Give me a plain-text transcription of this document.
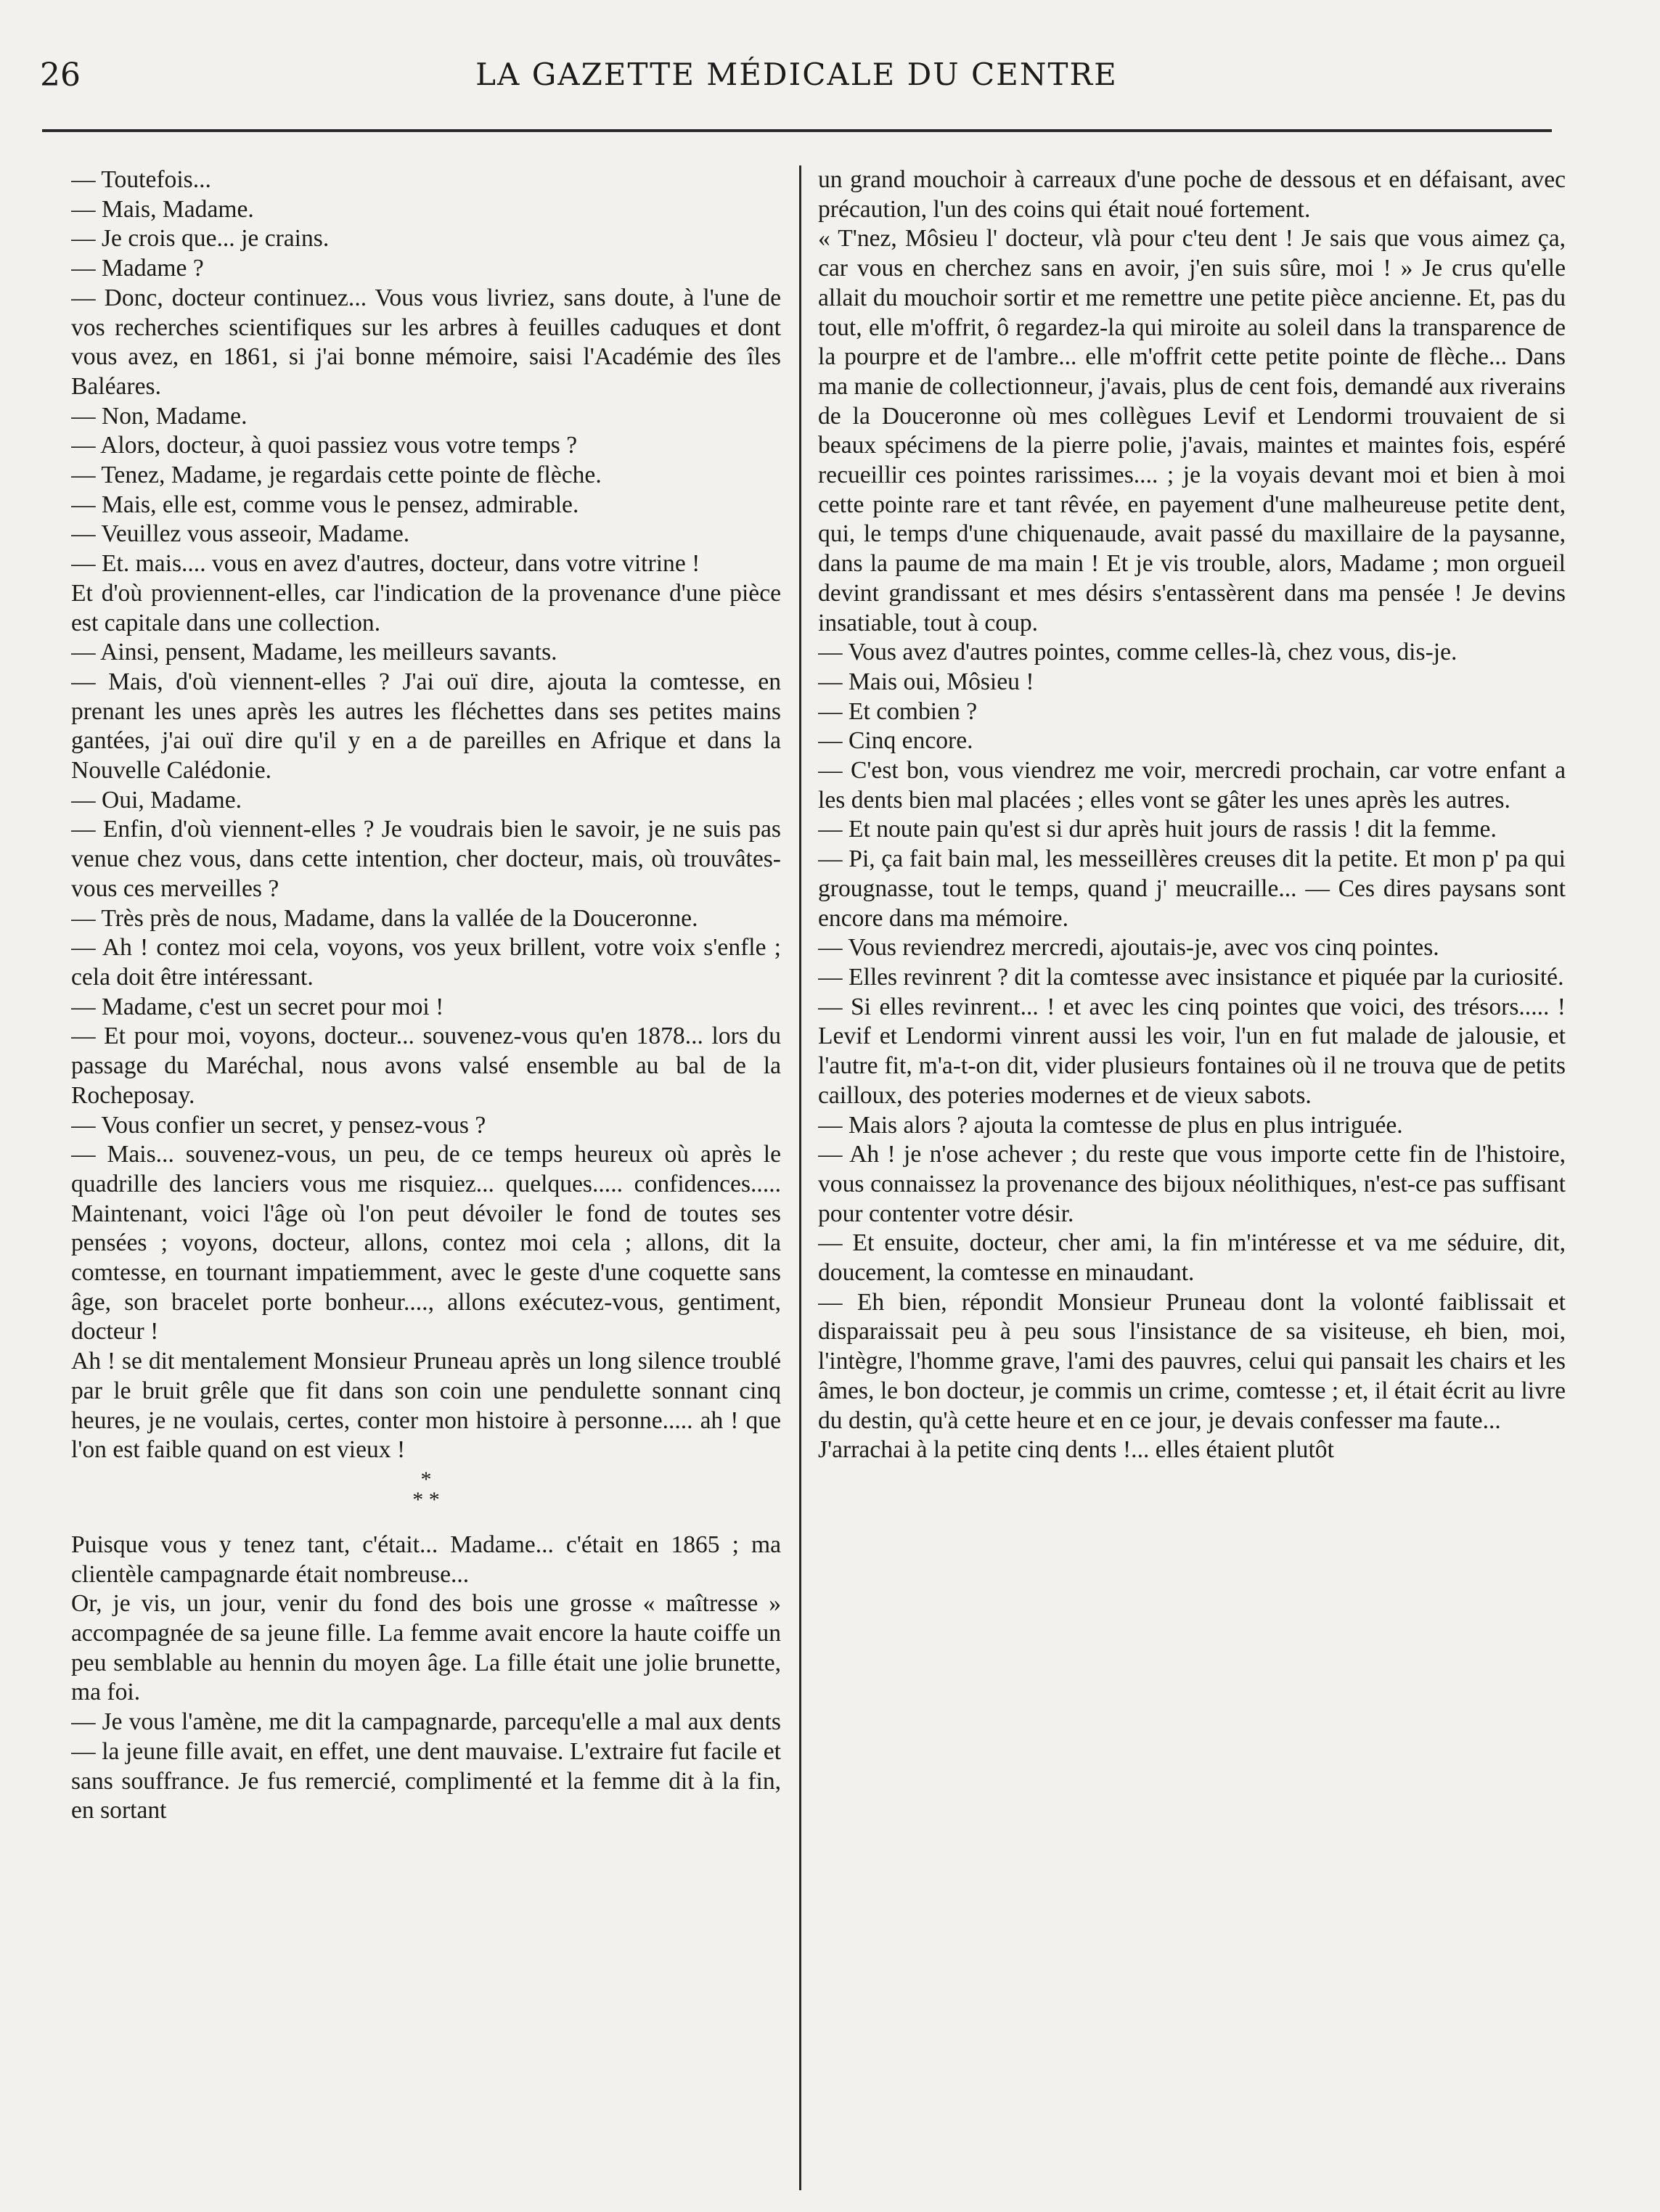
26	LA GAZETTE MÉDICALE DU CENTRE

— Toutefois...

— Mais, Madame.

— Je crois que... je crains.

— Madame ?

— Donc, docteur continuez... Vous vous livriez, sans doute, à l'une de vos recherches scientifiques sur les arbres à feuilles caduques et dont vous avez, en 1861, si j'ai bonne mémoire, saisi l'Académie des îles Baléares.

— Non, Madame.

— Alors, docteur, à quoi passiez vous votre temps ?

— Tenez, Madame, je regardais cette pointe de flèche.

— Mais, elle est, comme vous le pensez, admirable.

— Veuillez vous asseoir, Madame.

— Et. mais.... vous en avez d'autres, docteur, dans votre vitrine !

Et d'où proviennent-elles, car l'indication de la provenance d'une pièce est capitale dans une collection.

— Ainsi, pensent, Madame, les meilleurs savants.

— Mais, d'où viennent-elles ? J'ai ouï dire, ajouta la comtesse, en prenant les unes après les autres les fléchettes dans ses petites mains gantées, j'ai ouï dire qu'il y en a de pareilles en Afrique et dans la Nouvelle Calédonie.

— Oui, Madame.

— Enfin, d'où viennent-elles ? Je voudrais bien le savoir, je ne suis pas venue chez vous, dans cette intention, cher docteur, mais, où trouvâtes-vous ces merveilles ?

— Très près de nous, Madame, dans la vallée de la Douceronne.

— Ah ! contez moi cela, voyons, vos yeux brillent, votre voix s'enfle ; cela doit être intéressant.

— Madame, c'est un secret pour moi !

— Et pour moi, voyons, docteur... souvenez-vous qu'en 1878... lors du passage du Maréchal, nous avons valsé ensemble au bal de la Rocheposay.

— Vous confier un secret, y pensez-vous ?

— Mais... souvenez-vous, un peu, de ce temps heureux où après le quadrille des lanciers vous me risquiez... quelques..... confidences..... Maintenant, voici l'âge où l'on peut dévoiler le fond de toutes ses pensées ; voyons, docteur, allons, contez moi cela ; allons, dit la comtesse, en tournant impatiemment, avec le geste d'une coquette sans âge, son bracelet porte bonheur...., allons exécutez-vous, gentiment, docteur !

Ah ! se dit mentalement Monsieur Pruneau après un long silence troublé par le bruit grêle que fit dans son coin une pendulette sonnant cinq heures, je ne voulais, certes, conter mon histoire à personne..... ah ! que l'on est faible quand on est vieux !

*
* *

Puisque vous y tenez tant, c'était... Madame... c'était en 1865 ; ma clientèle campagnarde était nombreuse...

Or, je vis, un jour, venir du fond des bois une grosse « maîtresse » accompagnée de sa jeune fille. La femme avait encore la haute coiffe un peu semblable au hennin du moyen âge. La fille était une jolie brunette, ma foi.

— Je vous l'amène, me dit la campagnarde, parcequ'elle a mal aux dents — la jeune fille avait, en effet, une dent mauvaise. L'extraire fut facile et sans souffrance. Je fus remercié, complimenté et la femme dit à la fin, en sortant

un grand mouchoir à carreaux d'une poche de dessous et en défaisant, avec précaution, l'un des coins qui était noué fortement.

« T'nez, Môsieu l' docteur, vlà pour c'teu dent ! Je sais que vous aimez ça, car vous en cherchez sans en avoir, j'en suis sûre, moi ! » Je crus qu'elle allait du mouchoir sortir et me remettre une petite pièce ancienne. Et, pas du tout, elle m'offrit, ô regardez-la qui miroite au soleil dans la transparence de la pourpre et de l'ambre... elle m'offrit cette petite pointe de flèche... Dans ma manie de collectionneur, j'avais, plus de cent fois, demandé aux riverains de la Douceronne où mes collègues Levif et Lendormi trouvaient de si beaux spécimens de la pierre polie, j'avais, maintes et maintes fois, espéré recueillir ces pointes rarissimes.... ; je la voyais devant moi et bien à moi cette pointe rare et tant rêvée, en payement d'une malheureuse petite dent, qui, le temps d'une chiquenaude, avait passé du maxillaire de la paysanne, dans la paume de ma main ! Et je vis trouble, alors, Madame ; mon orgueil devint grandissant et mes désirs s'entassèrent dans ma pensée ! Je devins insatiable, tout à coup.

— Vous avez d'autres pointes, comme celles-là, chez vous, dis-je.

— Mais oui, Môsieu !

— Et combien ?

— Cinq encore.

— C'est bon, vous viendrez me voir, mercredi prochain, car votre enfant a les dents bien mal placées ; elles vont se gâter les unes après les autres.

— Et noute pain qu'est si dur après huit jours de rassis ! dit la femme.

— Pi, ça fait bain mal, les messeillères creuses dit la petite. Et mon p' pa qui grougnasse, tout le temps, quand j' meucraille... — Ces dires paysans sont encore dans ma mémoire.

— Vous reviendrez mercredi, ajoutais-je, avec vos cinq pointes.

— Elles revinrent ? dit la comtesse avec insistance et piquée par la curiosité.

— Si elles revinrent... ! et avec les cinq pointes que voici, des trésors..... ! Levif et Lendormi vinrent aussi les voir, l'un en fut malade de jalousie, et l'autre fit, m'a-t-on dit, vider plusieurs fontaines où il ne trouva que de petits cailloux, des poteries modernes et de vieux sabots.

— Mais alors ? ajouta la comtesse de plus en plus intriguée.

— Ah ! je n'ose achever ; du reste que vous importe cette fin de l'histoire, vous connaissez la provenance des bijoux néolithiques, n'est-ce pas suffisant pour contenter votre désir.

— Et ensuite, docteur, cher ami, la fin m'intéresse et va me séduire, dit, doucement, la comtesse en minaudant.

— Eh bien, répondit Monsieur Pruneau dont la volonté faiblissait et disparaissait peu à peu sous l'insistance de sa visiteuse, eh bien, moi, l'intègre, l'homme grave, l'ami des pauvres, celui qui pansait les chairs et les âmes, le bon docteur, je commis un crime, comtesse ; et, il était écrit au livre du destin, qu'à cette heure et en ce jour, je devais confesser ma faute...

J'arrachai à la petite cinq dents !... elles étaient plutôt
